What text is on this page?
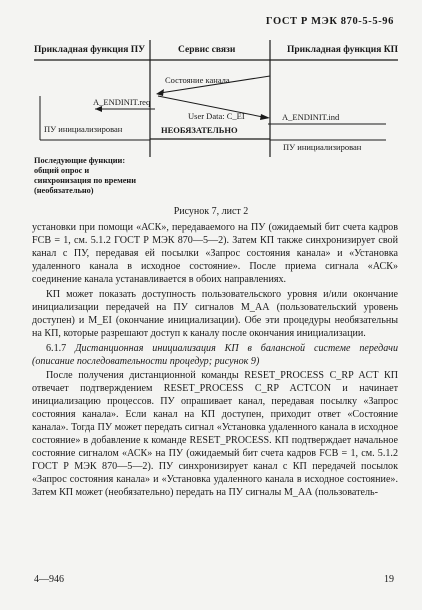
ГОСТ Р МЭК 870-5-5-96
Прикладная функция ПУ	Сервис связи	Прикладная функция КП
Состояние канала
A_ENDINIT.req
User Data: C_EI	A_ENDINIT.ind
ПУ инициализирован	НЕОБЯЗАТЕЛЬНО
ПУ инициализирован
Последующие функции:
общий опрос и
синхронизация по времени
(необязательно)
Рисунок 7, лист 2

установки при помощи «АСК», передаваемого на ПУ (ожидаемый бит счета кадров FCB = 1, см. 5.1.2 ГОСТ Р МЭК 870—5—2). Затем КП также синхронизирует свой канал с ПУ, передавая ей посылки «Запрос состояния канала» и «Установка удаленного канала в исходное состояние». После приема сигнала «АСК» соединение канала устанавливается в обоих направлениях.

КП может показать доступность пользовательского уровня и/или окончание инициализации передачей на ПУ сигналов М_АА (пользовательский уровень доступен) и М_EI (окончание инициализации). Обе эти процедуры необязательны на КП, которые разрешают доступ к каналу после окончания инициализации.

6.1.7 Дистанционная инициализация КП в балансной системе передачи (описание последовательности процедур; рисунок 9)

После получения дистанционной команды RESET_PROCESS С_RP ACT КП отвечает подтверждением RESET_PROCESS С_RP ACTCON и начинает инициализацию процессов. ПУ опрашивает канал, передавая посылку «Запрос состояния канала». Если канал на КП доступен, приходит ответ «Состояние канала». Тогда ПУ может передать сигнал «Установка удаленного канала в исходное состояние» в добавление к команде RESET_PROCESS. КП подтверждает начальное состояние сигналом «АСК» на ПУ (ожидаемый бит счета кадров FCB = 1, см. 5.1.2 ГОСТ Р МЭК 870—5—2). ПУ синхронизирует канал с КП передачей посылок «Запрос состояния канала» и «Установка удаленного канала в исходное состояние». Затем КП может (необязательно) передать на ПУ сигналы М_АА (пользователь-

4—946	19
